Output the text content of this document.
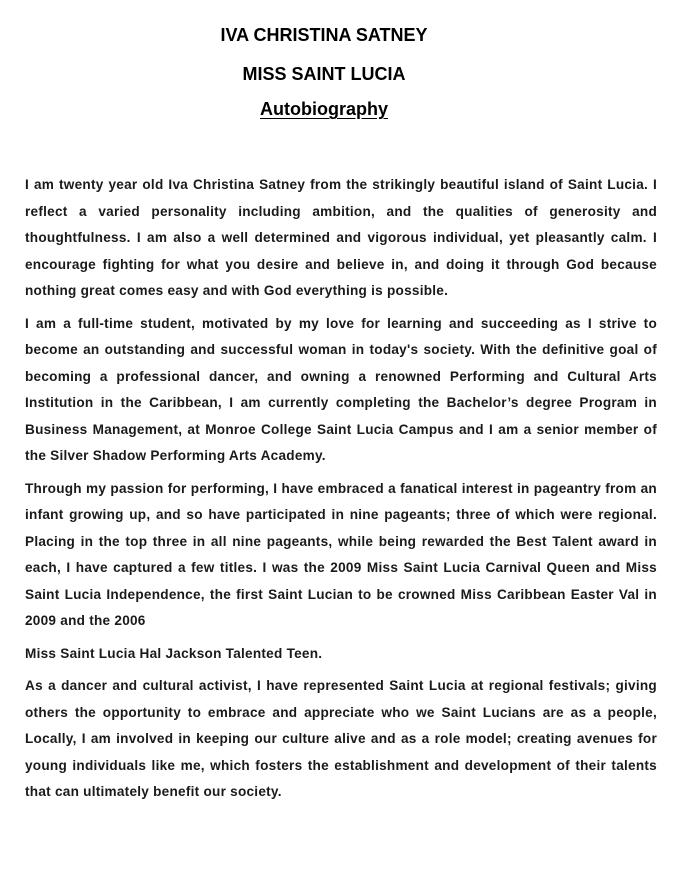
IVA CHRISTINA SATNEY
MISS SAINT LUCIA
Autobiography

I am twenty year old Iva Christina Satney from the strikingly beautiful island of Saint Lucia. I reflect a varied personality including ambition, and the qualities of generosity and thoughtfulness. I am also a well determined and vigorous individual, yet pleasantly calm. I encourage fighting for what you desire and believe in, and doing it through God because nothing great comes easy and with God everything is possible.

I am a full-time student, motivated by my love for learning and succeeding as I strive to become an outstanding and successful woman in today's society. With the definitive goal of becoming a professional dancer, and owning a renowned Performing and Cultural Arts Institution in the Caribbean, I am currently completing the Bachelor’s degree Program in Business Management, at Monroe College Saint Lucia Campus and I am a senior member of the Silver Shadow Performing Arts Academy.

Through my passion for performing, I have embraced a fanatical interest in pageantry from an infant growing up, and so have participated in nine pageants; three of which were regional. Placing in the top three in all nine pageants, while being rewarded the Best Talent award in each, I have captured a few titles. I was the 2009 Miss Saint Lucia Carnival Queen and Miss Saint Lucia Independence, the first Saint Lucian to be crowned Miss Caribbean Easter Val in 2009 and the 2006

Miss Saint Lucia Hal Jackson Talented Teen.

As a dancer and cultural activist, I have represented Saint Lucia at regional festivals; giving others the opportunity to embrace and appreciate who we Saint Lucians are as a people, Locally, I am involved in keeping our culture alive and as a role model; creating avenues for young individuals like me, which fosters the establishment and development of their talents that can ultimately benefit our society.
